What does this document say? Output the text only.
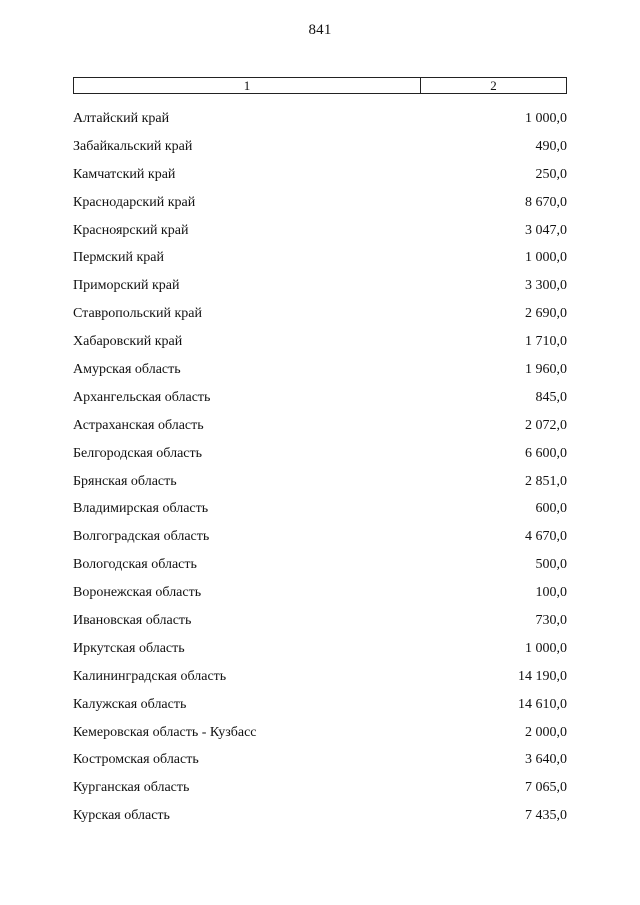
841
1	2
Алтайский край	1 000,0
Забайкальский край	490,0
Камчатский край	250,0
Краснодарский край	8 670,0
Красноярский край	3 047,0
Пермский край	1 000,0
Приморский край	3 300,0
Ставропольский край	2 690,0
Хабаровский край	1 710,0
Амурская область	1 960,0
Архангельская область	845,0
Астраханская область	2 072,0
Белгородская область	6 600,0
Брянская область	2 851,0
Владимирская область	600,0
Волгоградская область	4 670,0
Вологодская область	500,0
Воронежская область	100,0
Ивановская область	730,0
Иркутская область	1 000,0
Калининградская область	14 190,0
Калужская область	14 610,0
Кемеровская область - Кузбасс	2 000,0
Костромская область	3 640,0
Курганская область	7 065,0
Курская область	7 435,0
